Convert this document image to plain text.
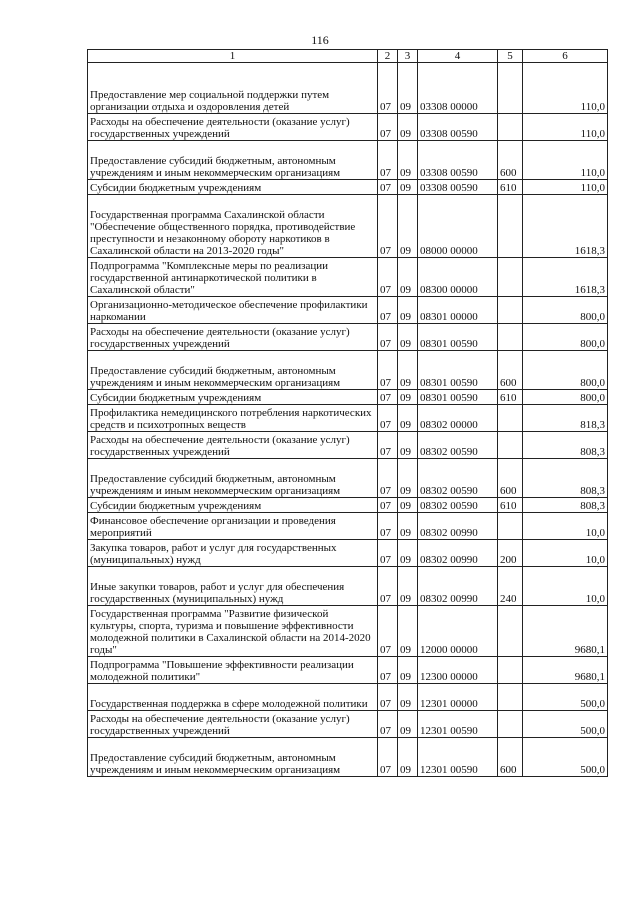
116
1	2	3	4	5	6
Предоставление мер социальной поддержки путем организации отдыха и оздоровления детей	07	09	03308 00000		110,0
Расходы на обеспечение деятельности (оказание услуг) государственных учреждений	07	09	03308 00590		110,0
Предоставление субсидий бюджетным, автономным учреждениям и иным некоммерческим организациям	07	09	03308 00590	600	110,0
Субсидии бюджетным учреждениям	07	09	03308 00590	610	110,0
Государственная программа Сахалинской области "Обеспечение общественного порядка, противодействие преступности и незаконному обороту наркотиков в Сахалинской области на 2013-2020 годы"	07	09	08000 00000		1618,3
Подпрограмма "Комплексные меры по реализации государственной антинаркотической политики в Сахалинской области"	07	09	08300 00000		1618,3
Организационно-методическое обеспечение профилактики наркомании	07	09	08301 00000		800,0
Расходы на обеспечение деятельности (оказание услуг) государственных учреждений	07	09	08301 00590		800,0
Предоставление субсидий бюджетным, автономным учреждениям и иным некоммерческим организациям	07	09	08301 00590	600	800,0
Субсидии бюджетным учреждениям	07	09	08301 00590	610	800,0
Профилактика немедицинского потребления наркотических средств и психотропных веществ	07	09	08302 00000		818,3
Расходы на обеспечение деятельности (оказание услуг) государственных учреждений	07	09	08302 00590		808,3
Предоставление субсидий бюджетным, автономным учреждениям и иным некоммерческим организациям	07	09	08302 00590	600	808,3
Субсидии бюджетным учреждениям	07	09	08302 00590	610	808,3
Финансовое обеспечение организации и проведения мероприятий	07	09	08302 00990		10,0
Закупка товаров, работ и услуг для государственных (муниципальных) нужд	07	09	08302 00990	200	10,0
Иные закупки товаров, работ и услуг для обеспечения государственных (муниципальных) нужд	07	09	08302 00990	240	10,0
Государственная программа "Развитие физической культуры, спорта, туризма и повышение эффективности молодежной политики в Сахалинской области на 2014-2020 годы"	07	09	12000 00000		9680,1
Подпрограмма "Повышение эффективности реализации молодежной политики"	07	09	12300 00000		9680,1
Государственная поддержка в сфере молодежной политики	07	09	12301 00000		500,0
Расходы на обеспечение деятельности (оказание услуг) государственных учреждений	07	09	12301 00590		500,0
Предоставление субсидий бюджетным, автономным учреждениям и иным некоммерческим организациям	07	09	12301 00590	600	500,0
